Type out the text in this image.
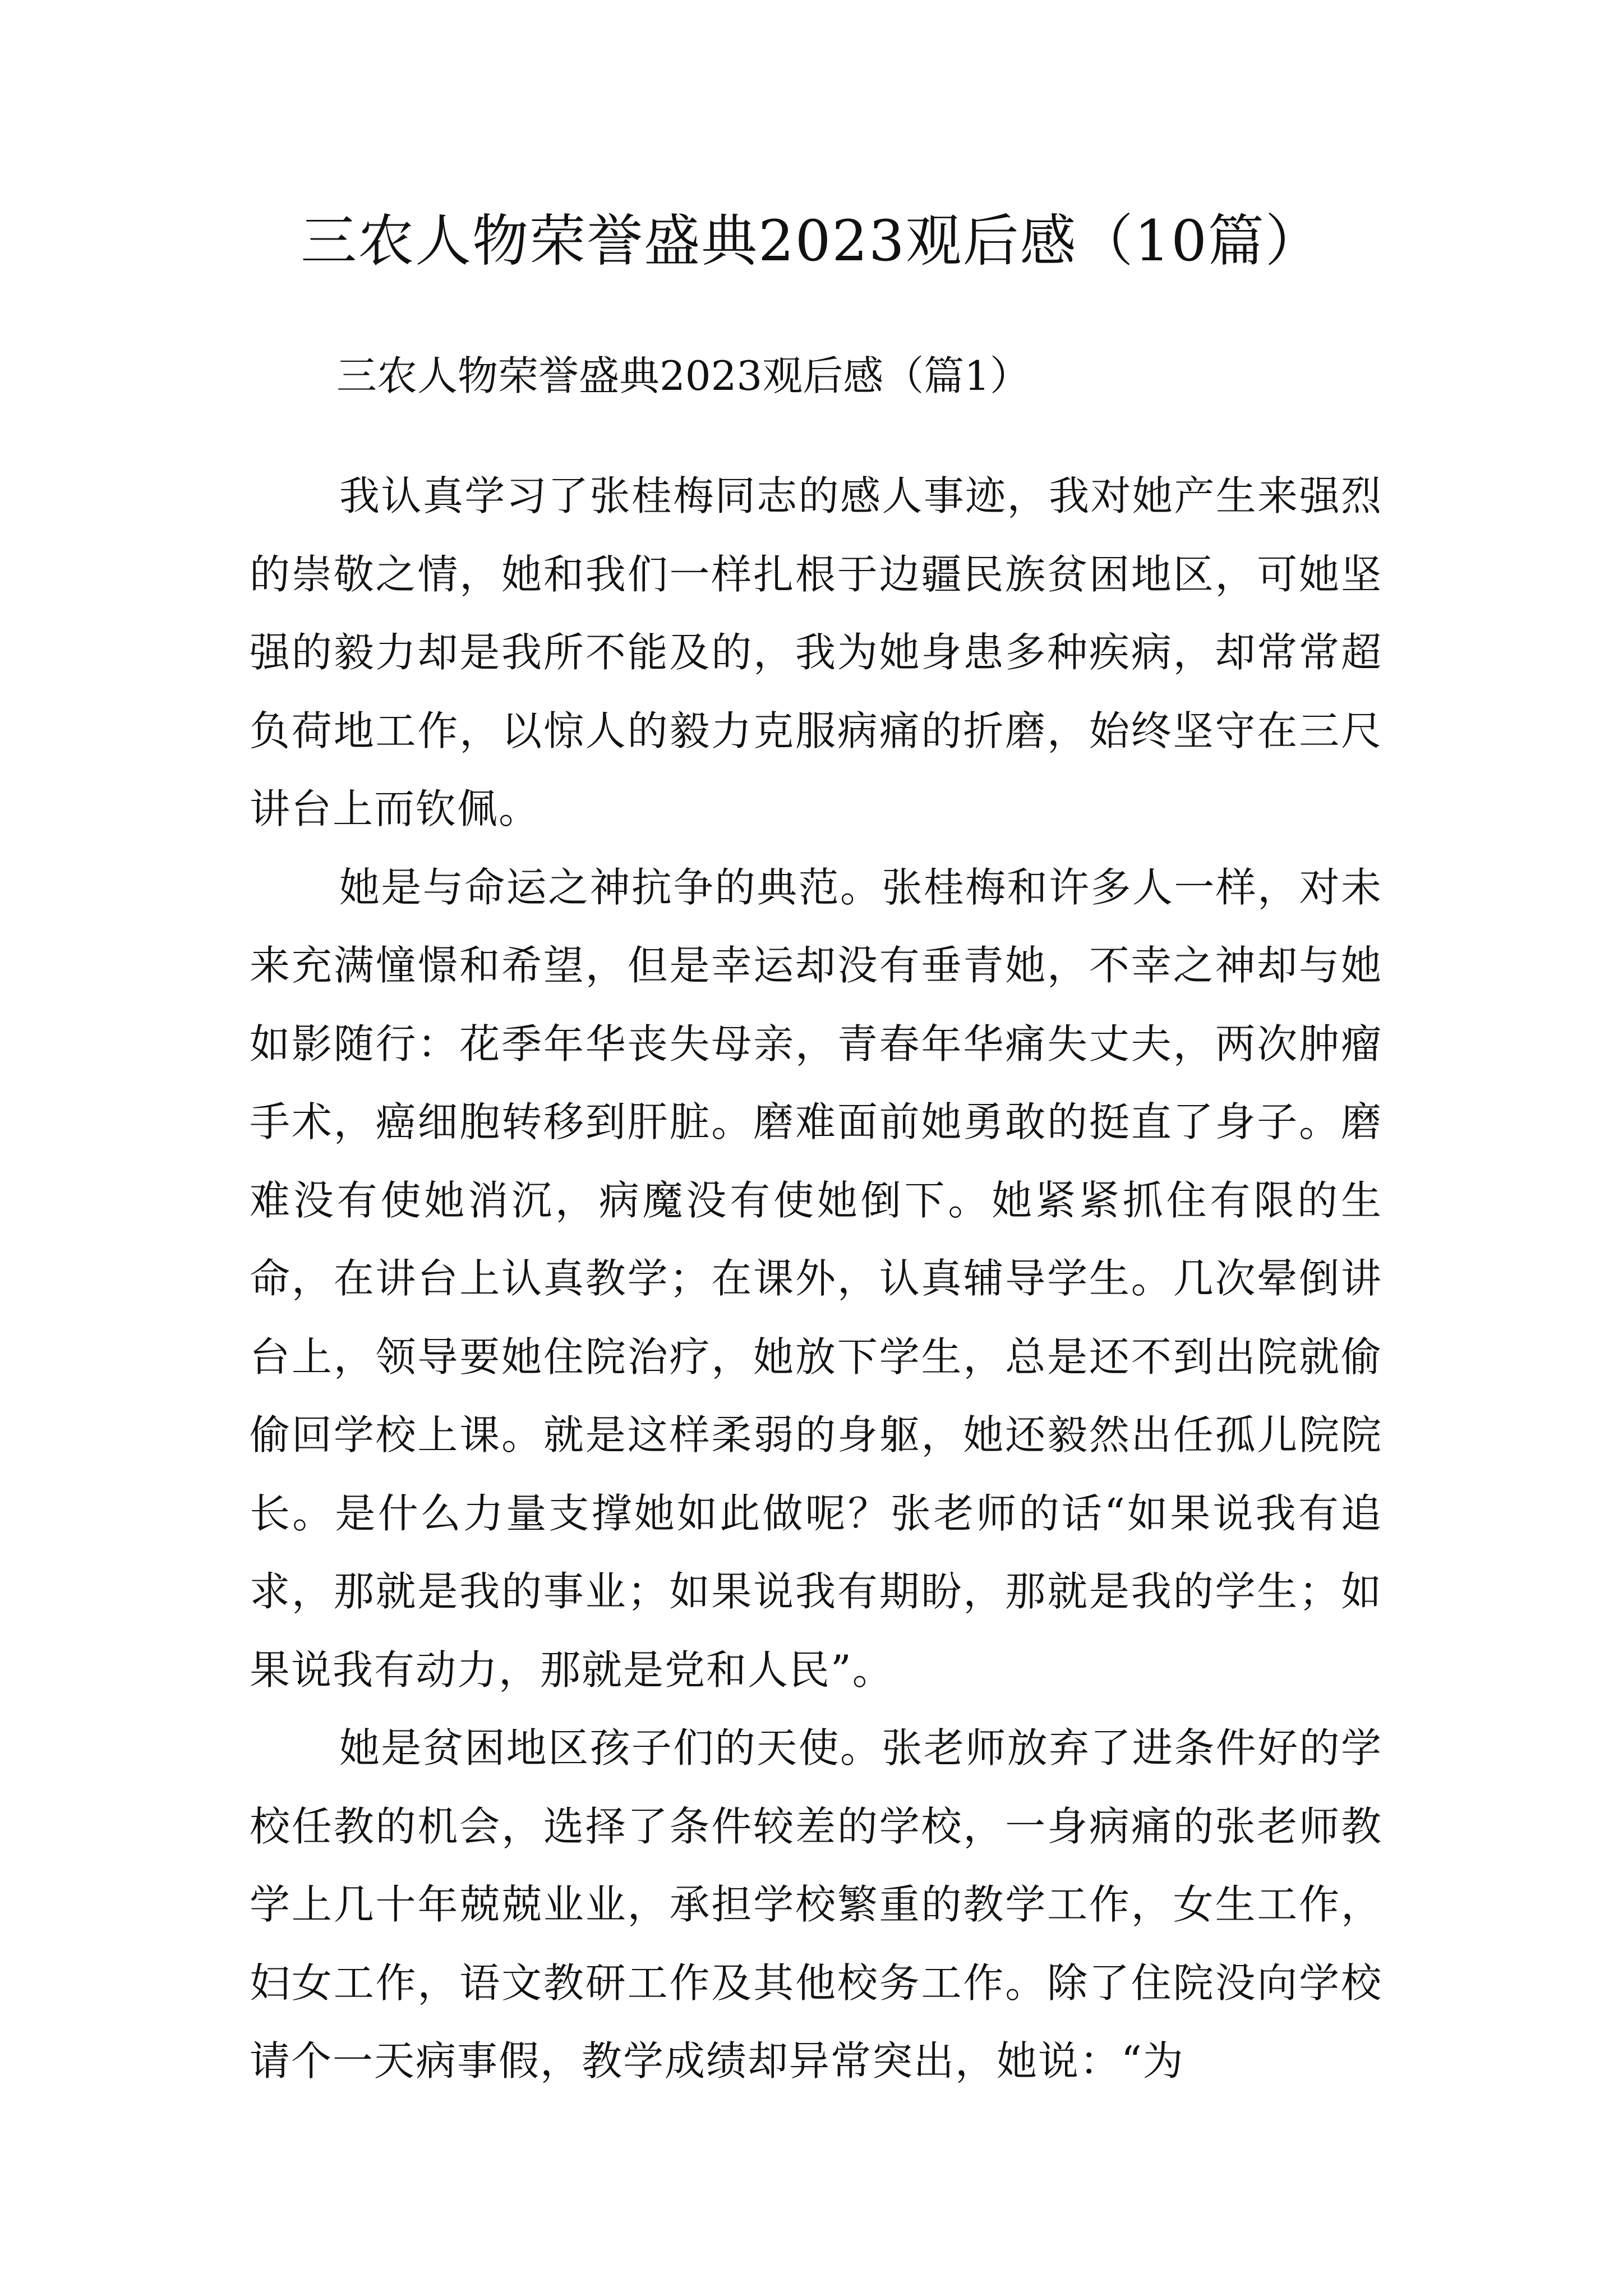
三农人物荣誉盛典2023观后感（10篇）
三农人物荣誉盛典2023观后感（篇1）

我认真学习了张桂梅同志的感人事迹，我对她产生来强烈的崇敬之情，她和我们一样扎根于边疆民族贫困地区，可她坚强的毅力却是我所不能及的，我为她身患多种疾病，却常常超负荷地工作，以惊人的毅力克服病痛的折磨，始终坚守在三尺讲台上而钦佩。

她是与命运之神抗争的典范。张桂梅和许多人一样，对未来充满憧憬和希望，但是幸运却没有垂青她，不幸之神却与她如影随行：花季年华丧失母亲，青春年华痛失丈夫，两次肿瘤手术，癌细胞转移到肝脏。磨难面前她勇敢的挺直了身子。磨难没有使她消沉，病魔没有使她倒下。她紧紧抓住有限的生命，在讲台上认真教学；在课外，认真辅导学生。几次晕倒讲台上，领导要她住院治疗，她放下学生，总是还不到出院就偷偷回学校上课。就是这样柔弱的身躯，她还毅然出任孤儿院院长。是什么力量支撑她如此做呢？张老师的话“如果说我有追求，那就是我的事业；如果说我有期盼，那就是我的学生；如果说我有动力，那就是党和人民”。

她是贫困地区孩子们的天使。张老师放弃了进条件好的学校任教的机会，选择了条件较差的学校，一身病痛的张老师教学上几十年兢兢业业，承担学校繁重的教学工作，女生工作，妇女工作，语文教研工作及其他校务工作。除了住院没向学校请个一天病事假，教学成绩却异常突出，她说：“为
